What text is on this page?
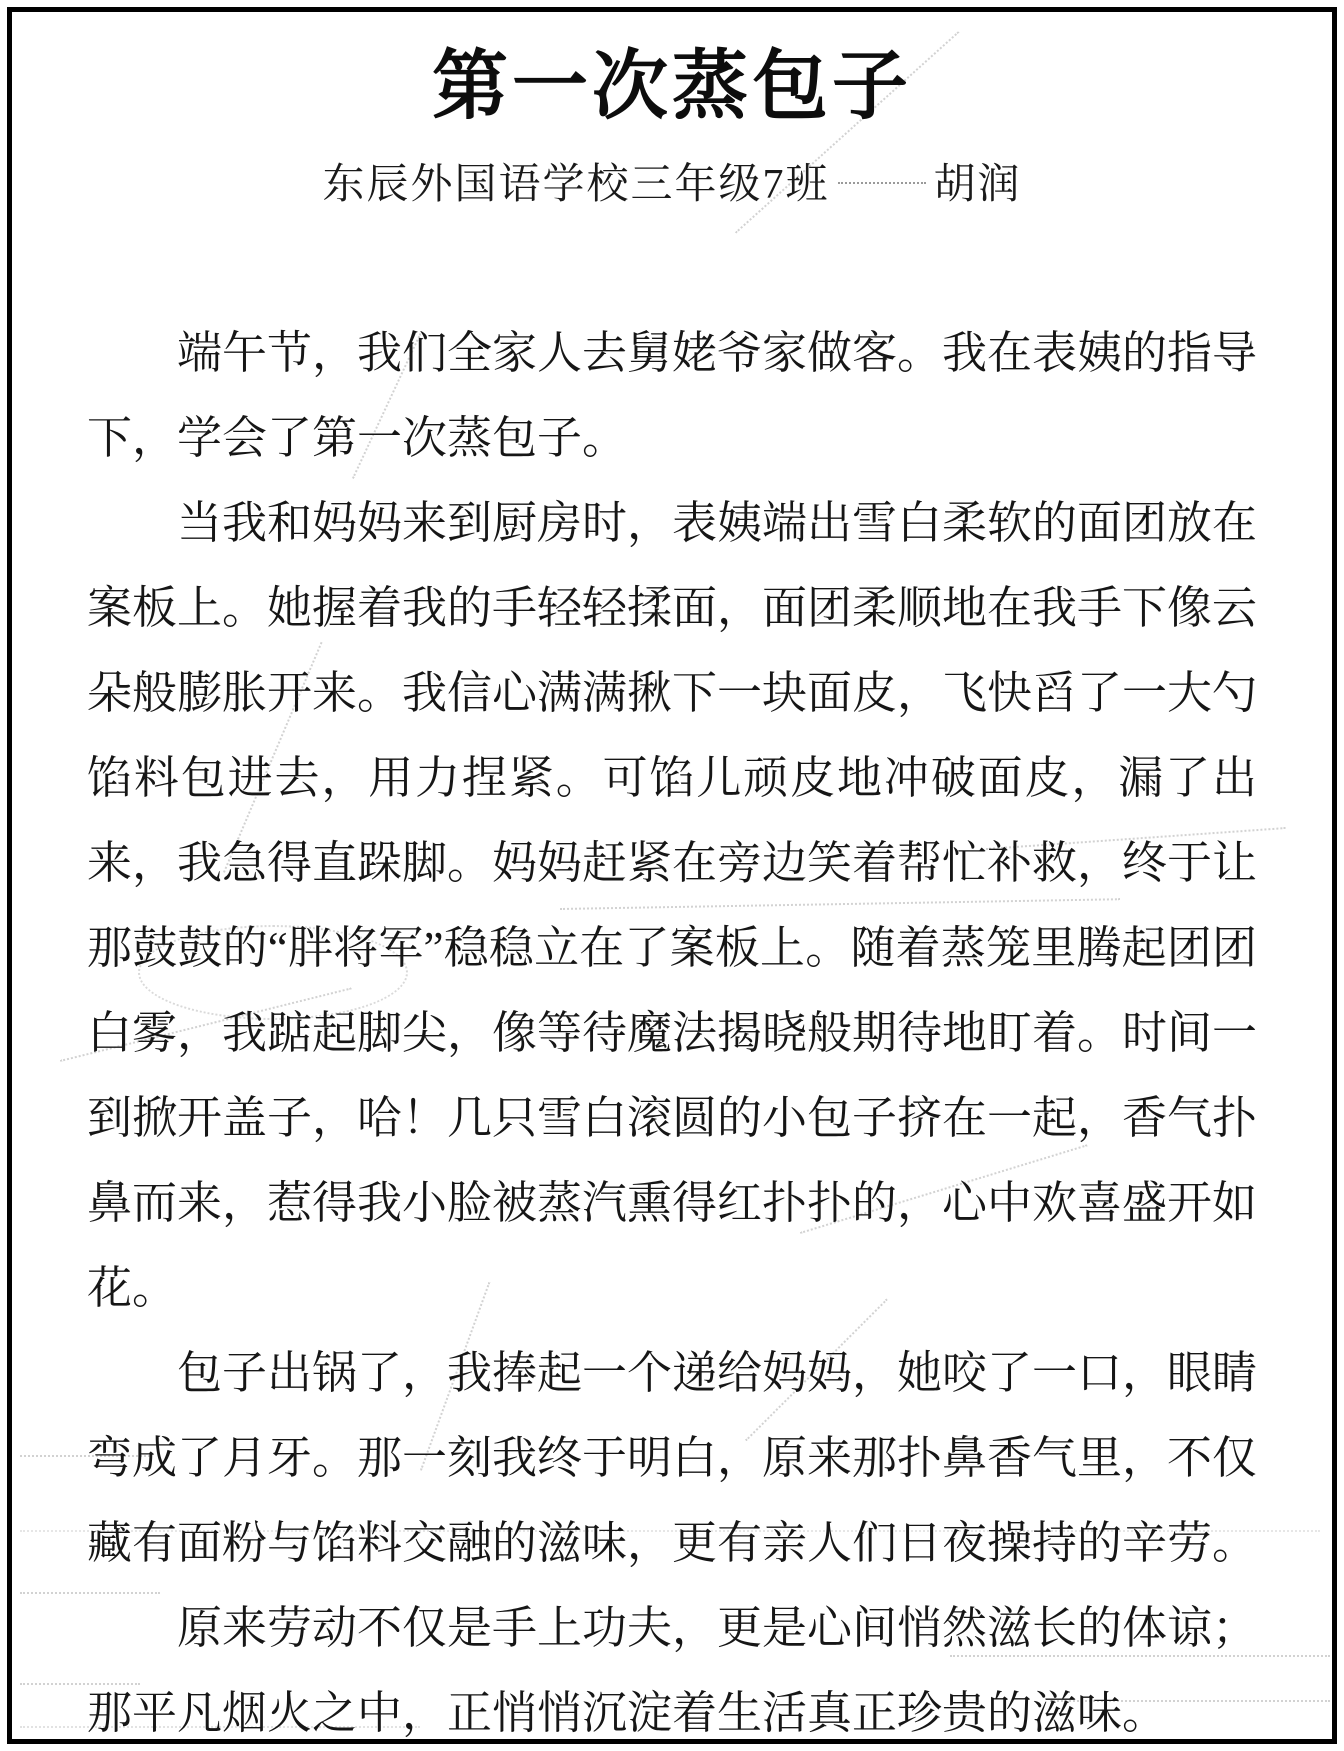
第一次蒸包子
东辰外国语学校三年级7班 胡润

端午节，我们全家人去舅姥爷家做客。我在表姨的指导下，学会了第一次蒸包子。

当我和妈妈来到厨房时，表姨端出雪白柔软的面团放在案板上。她握着我的手轻轻揉面，面团柔顺地在我手下像云朵般膨胀开来。我信心满满揪下一块面皮，飞快舀了一大勺馅料包进去，用力捏紧。可馅儿顽皮地冲破面皮，漏了出来，我急得直跺脚。妈妈赶紧在旁边笑着帮忙补救，终于让那鼓鼓的“胖将军”稳稳立在了案板上。随着蒸笼里腾起团团白雾，我踮起脚尖，像等待魔法揭晓般期待地盯着。时间一到掀开盖子，哈！几只雪白滚圆的小包子挤在一起，香气扑鼻而来，惹得我小脸被蒸汽熏得红扑扑的，心中欢喜盛开如花。

包子出锅了，我捧起一个递给妈妈，她咬了一口，眼睛弯成了月牙。那一刻我终于明白，原来那扑鼻香气里，不仅藏有面粉与馅料交融的滋味，更有亲人们日夜操持的辛劳。

原来劳动不仅是手上功夫，更是心间悄然滋长的体谅；那平凡烟火之中，正悄悄沉淀着生活真正珍贵的滋味。
